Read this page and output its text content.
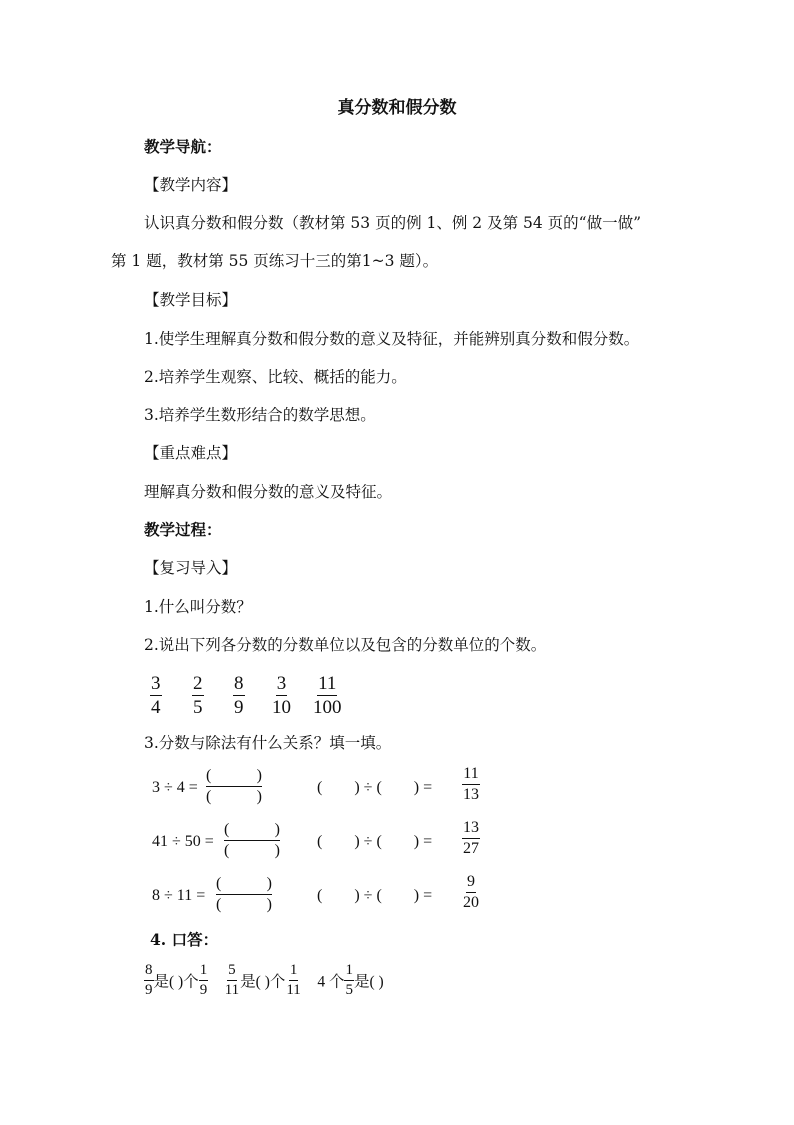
真分数和假分数
教学导航：
【教学内容】
认识真分数和假分数（教材第 53 页的例 1、例 2 及第 54 页的“做一做”
第 1 题，教材第 55 页练习十三的第1~3 题）。
【教学目标】
1.使学生理解真分数和假分数的意义及特征，并能辨别真分数和假分数。
2.培养学生观察、比较、概括的能力。
3.培养学生数形结合的数学思想。
【重点难点】
理解真分数和假分数的意义及特征。
教学过程：
【复习导入】
1.什么叫分数？
2.说出下列各分数的分数单位以及包含的分数单位的个数。
$\frac{3}{4} \frac{2}{5} \frac{8}{9} \frac{3}{10} \frac{11}{100}$
3.分数与除法有什么关系？填一填。
3 ÷ 4 =
(	)
(	)
( ) ÷ ( ) = $\frac{11}{13}$
41 ÷ 50 =
(	)
(	)
( ) ÷ ( ) = $\frac{13}{27}$
8 ÷ 11 =
(	)
(	)
( ) ÷ ( ) = $\frac{9}{20}$
4. 口答：
$\frac{8}{9}$ 是( )个 $\frac{1}{9}$
$\frac{5}{11}$ 是( )个 $\frac{1}{11} 4$ 个 $\frac{1}{5}$ 是( )
